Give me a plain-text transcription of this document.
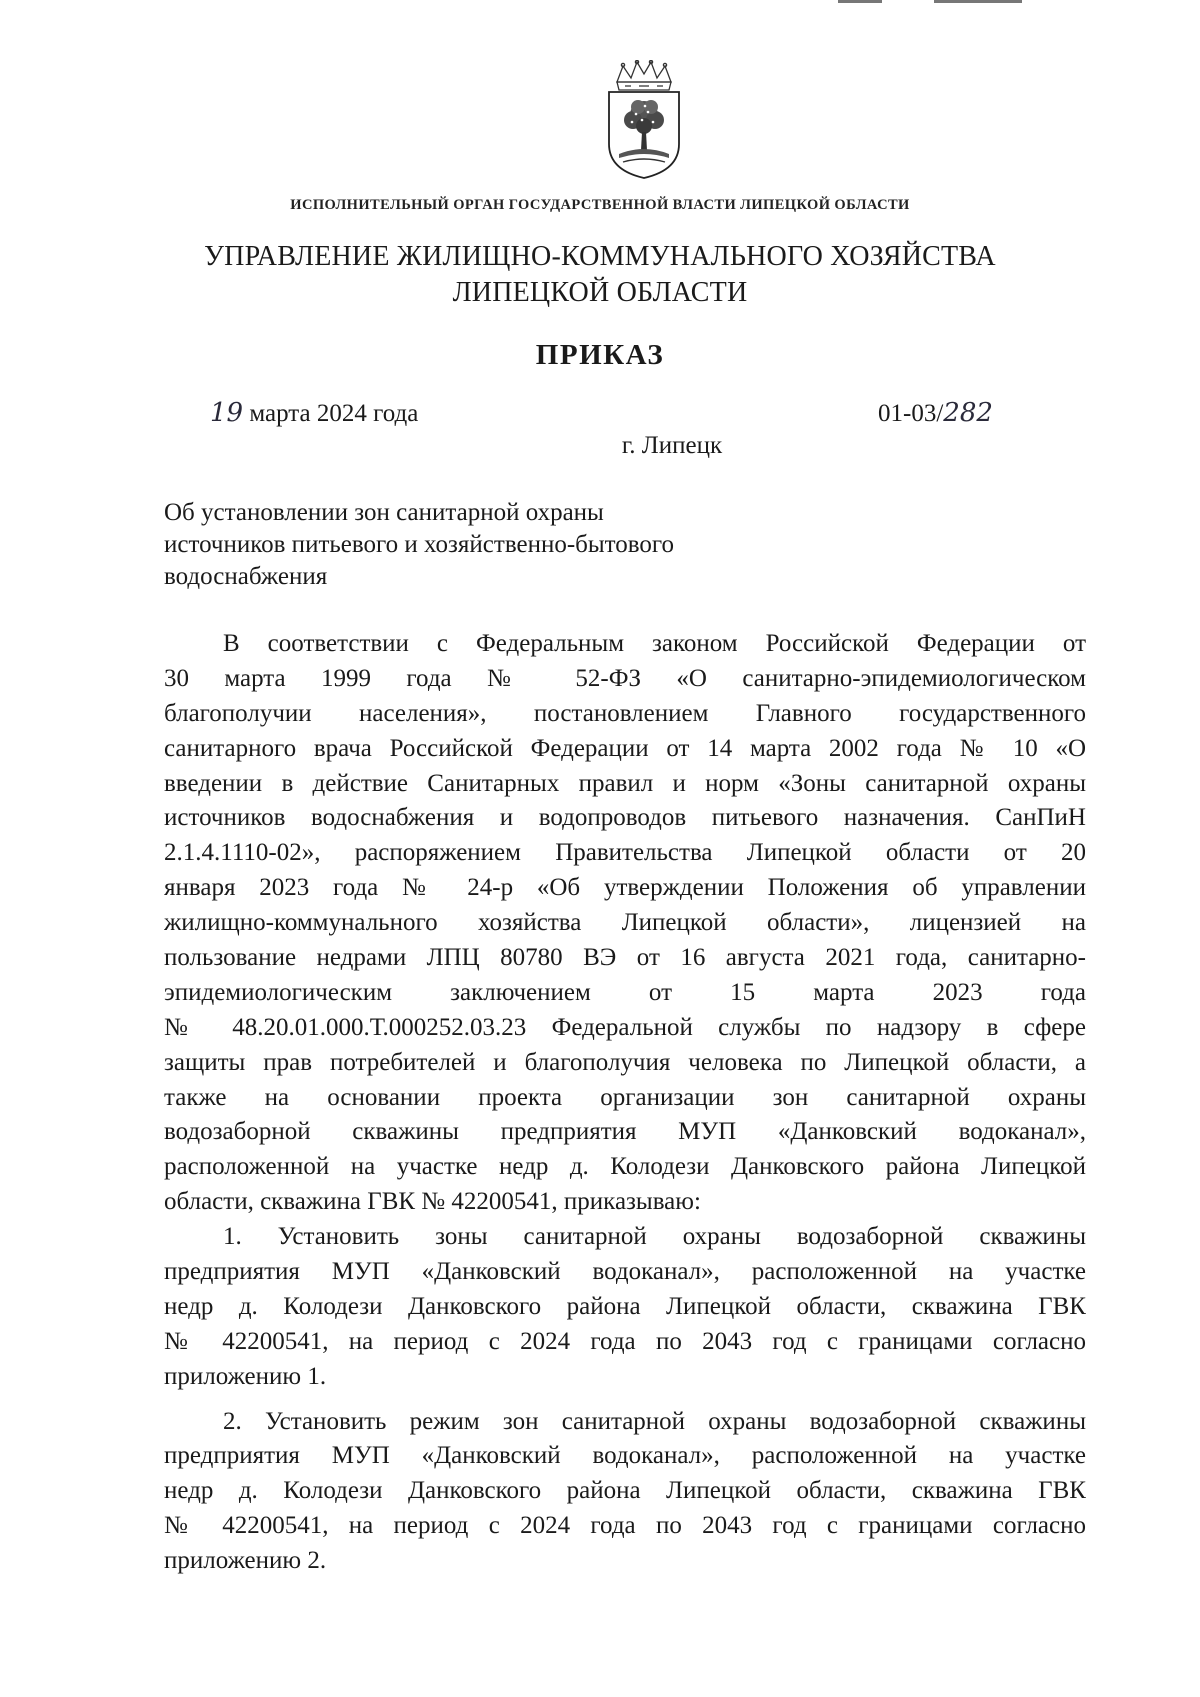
ИСПОЛНИТЕЛЬНЫЙ ОРГАН ГОСУДАРСТВЕННОЙ ВЛАСТИ ЛИПЕЦКОЙ ОБЛАСТИ
УПРАВЛЕНИЕ ЖИЛИЩНО-КОММУНАЛЬНОГО ХОЗЯЙСТВА
ЛИПЕЦКОЙ ОБЛАСТИ
ПРИКАЗ
19 марта 2024 года	01-03/282
г. Липецк
Об установлении зон санитарной охраны
источников питьевого и хозяйственно-бытового
водоснабжения
В соответствии с Федеральным законом Российской Федерации от
30 марта 1999 года № 52-ФЗ «О санитарно-эпидемиологическом
благополучии населения», постановлением Главного государственного
санитарного врача Российской Федерации от 14 марта 2002 года № 10 «О
введении в действие Санитарных правил и норм «Зоны санитарной охраны
источников водоснабжения и водопроводов питьевого назначения. СанПиН
2.1.4.1110-02», распоряжением Правительства Липецкой области от 20
января 2023 года № 24-р «Об утверждении Положения об управлении
жилищно-коммунального хозяйства Липецкой области», лицензией на
пользование недрами ЛПЦ 80780 ВЭ от 16 августа 2021 года, санитарно-
эпидемиологическим заключением от 15 марта 2023 года
№ 48.20.01.000.Т.000252.03.23 Федеральной службы по надзору в сфере
защиты прав потребителей и благополучия человека по Липецкой области, а
также на основании проекта организации зон санитарной охраны
водозаборной скважины предприятия МУП «Данковский водоканал»,
расположенной на участке недр д. Колодези Данковского района Липецкой
области, скважина ГВК № 42200541, приказываю:
1. Установить зоны санитарной охраны водозаборной скважины
предприятия МУП «Данковский водоканал», расположенной на участке
недр д. Колодези Данковского района Липецкой области, скважина ГВК
№ 42200541, на период с 2024 года по 2043 год с границами согласно
приложению 1.
2. Установить режим зон санитарной охраны водозаборной скважины
предприятия МУП «Данковский водоканал», расположенной на участке
недр д. Колодези Данковского района Липецкой области, скважина ГВК
№ 42200541, на период с 2024 года по 2043 год с границами согласно
приложению 2.
